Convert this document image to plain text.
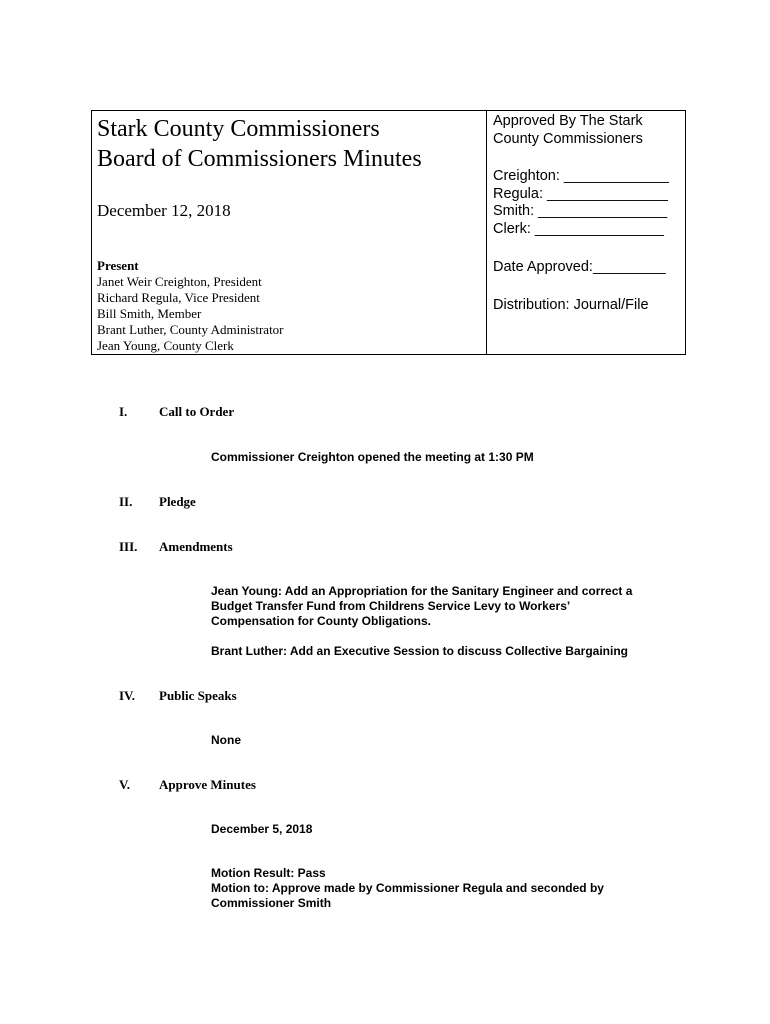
Stark County Commissioners
Board of Commissioners Minutes
December 12, 2018
Present
Janet Weir Creighton, President
Richard Regula, Vice President
Bill Smith, Member
Brant Luther, County Administrator
Jean Young, County Clerk
Approved By The Stark
County Commissioners
Creighton: _____________
Regula: _______________
Smith: ________________
Clerk: ________________
Date Approved:_________
Distribution: Journal/File
I. Call to Order
Commissioner Creighton opened the meeting at 1:30 PM
II. Pledge
III. Amendments
Jean Young: Add an Appropriation for the Sanitary Engineer and correct a
Budget Transfer Fund from Childrens Service Levy to Workers’
Compensation for County Obligations.
Brant Luther: Add an Executive Session to discuss Collective Bargaining
IV. Public Speaks
None
V. Approve Minutes
December 5, 2018
Motion Result: Pass
Motion to: Approve made by Commissioner Regula and seconded by
Commissioner Smith
